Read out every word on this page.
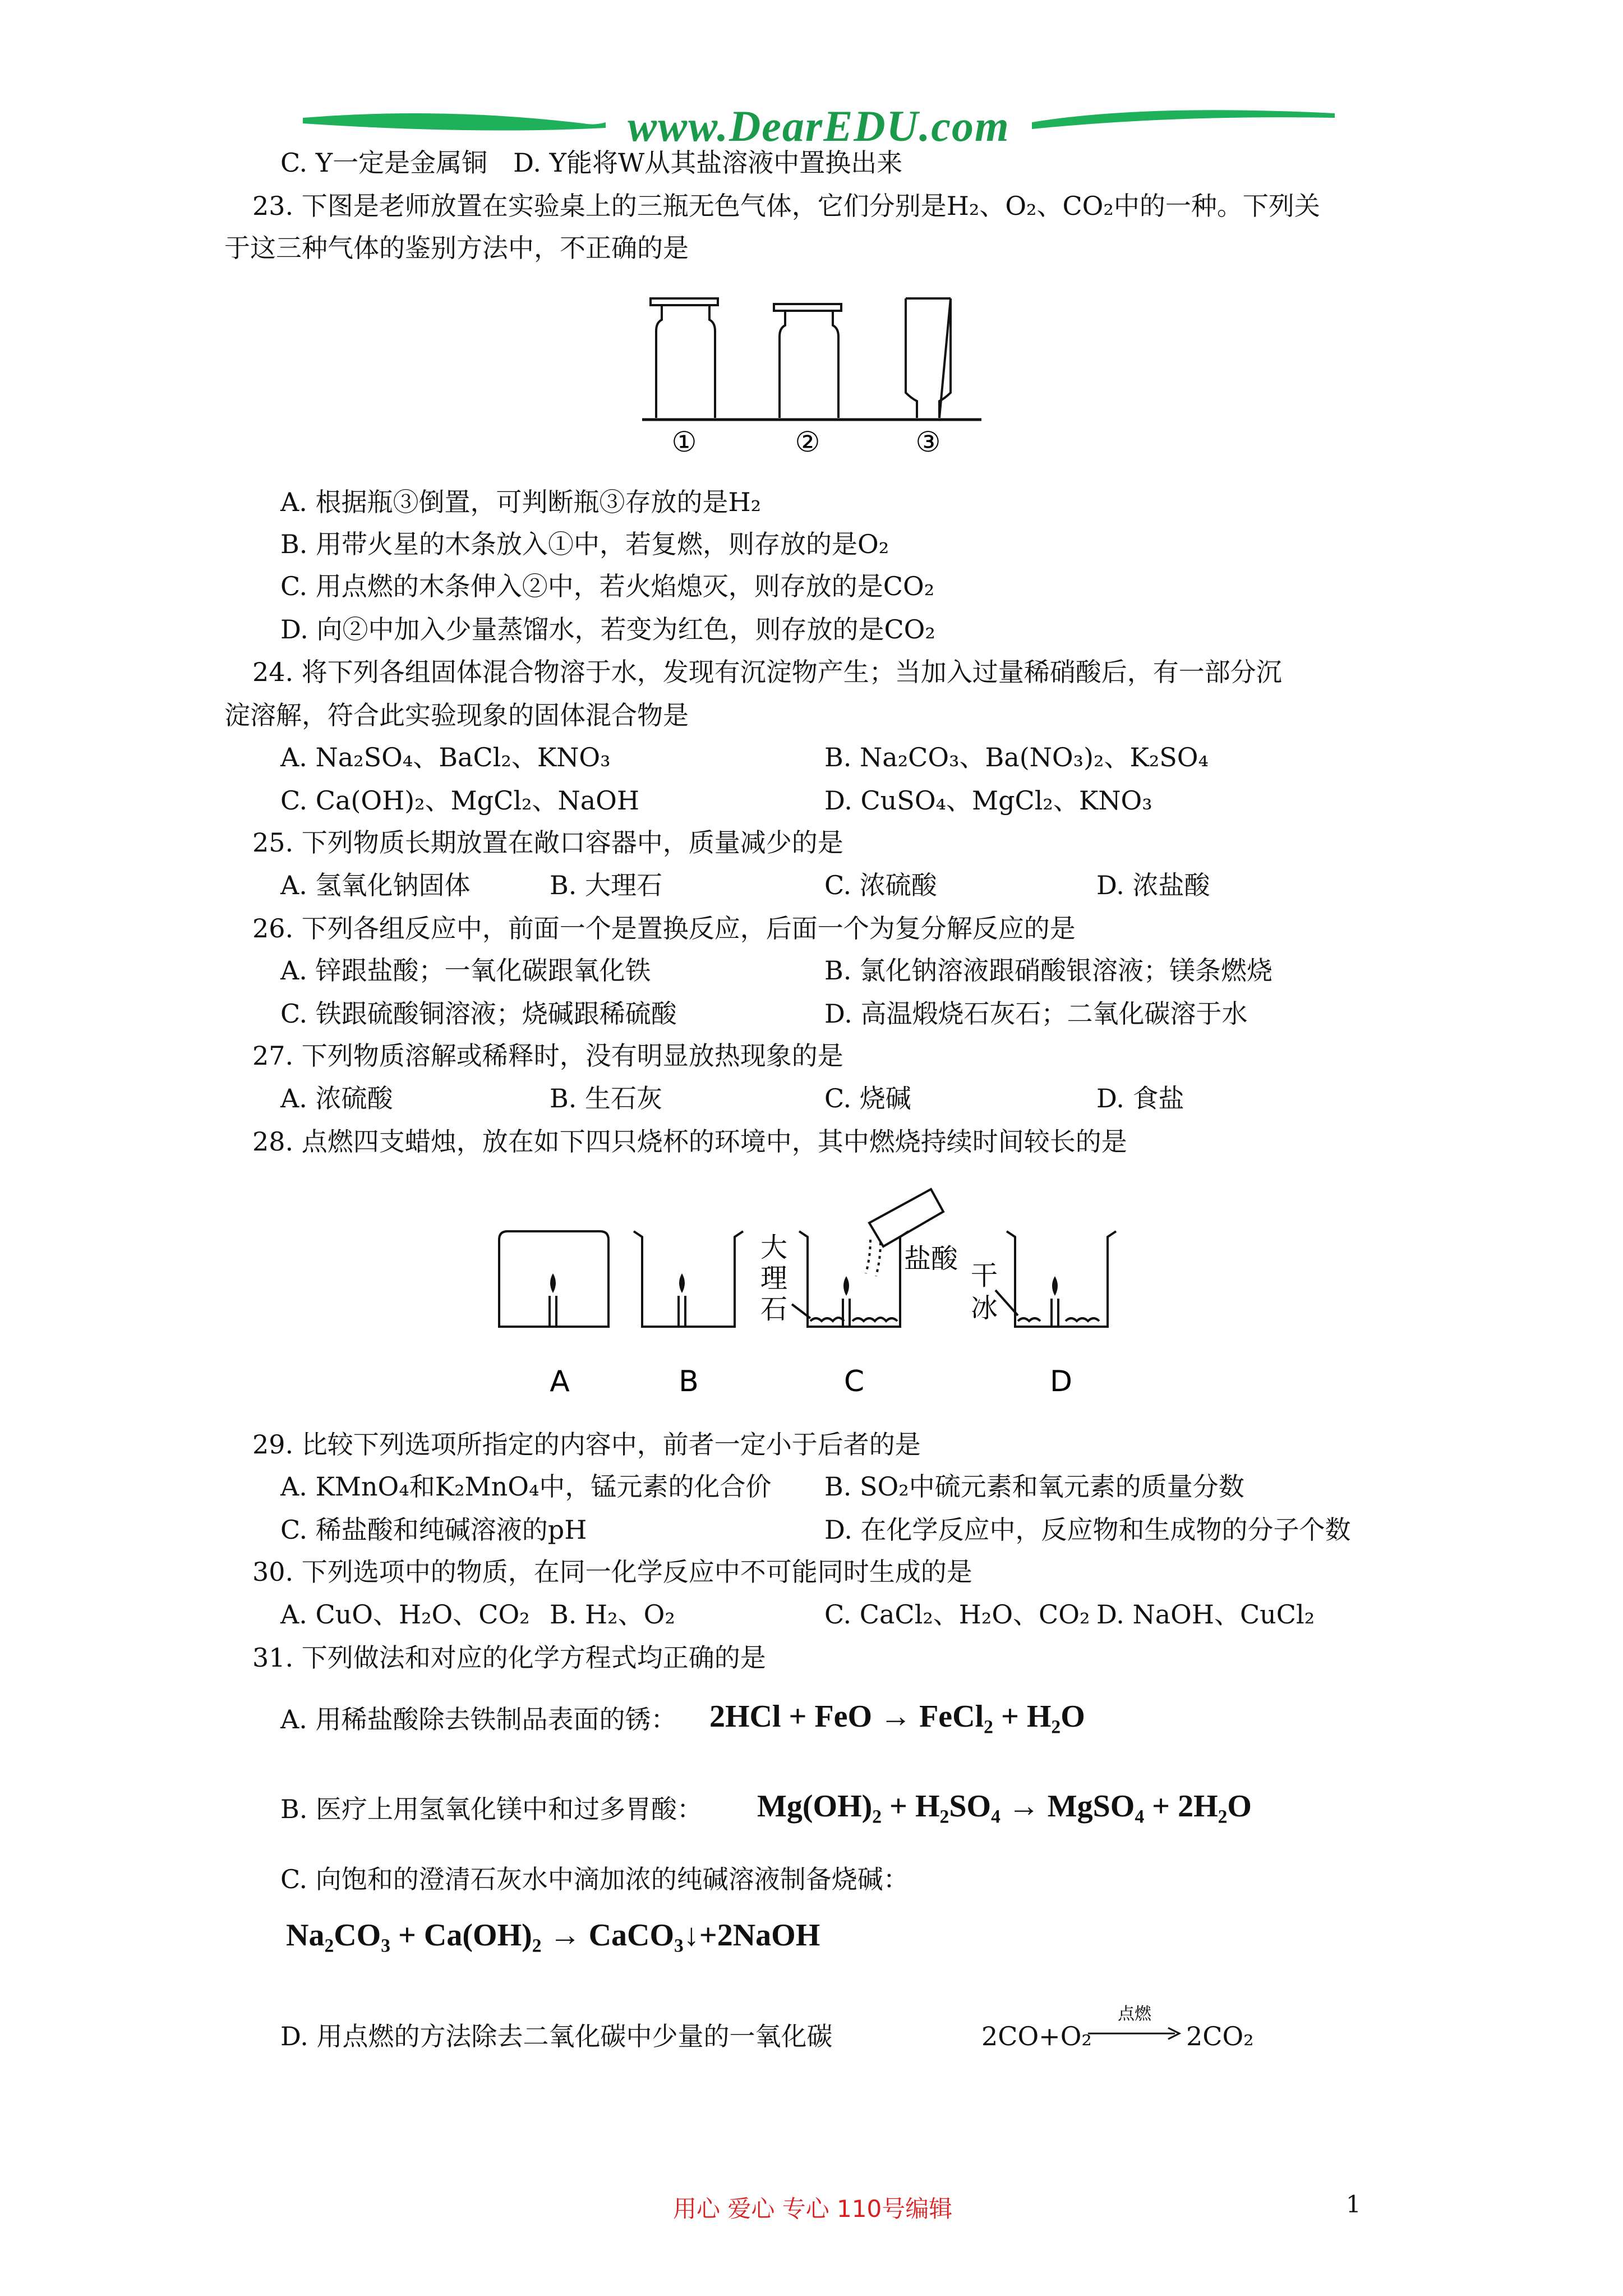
www.DearEDU.com
C. Y一定是金属铜　D. Y能将W从其盐溶液中置换出来
23. 下图是老师放置在实验桌上的三瓶无色气体，它们分别是H₂、O₂、CO₂中的一种。下列关
于这三种气体的鉴别方法中，不正确的是
①	②	③
A. 根据瓶③倒置，可判断瓶③存放的是H₂
B. 用带火星的木条放入①中，若复燃，则存放的是O₂
C. 用点燃的木条伸入②中，若火焰熄灭，则存放的是CO₂
D. 向②中加入少量蒸馏水，若变为红色，则存放的是CO₂
24. 将下列各组固体混合物溶于水，发现有沉淀物产生；当加入过量稀硝酸后，有一部分沉
淀溶解，符合此实验现象的固体混合物是
A. Na₂SO₄、BaCl₂、KNO₃	B. Na₂CO₃、Ba(NO₃)₂、K₂SO₄
C. Ca(OH)₂、MgCl₂、NaOH	D. CuSO₄、MgCl₂、KNO₃
25. 下列物质长期放置在敞口容器中，质量减少的是
A. 氢氧化钠固体	B. 大理石	C. 浓硫酸	D. 浓盐酸
26. 下列各组反应中，前面一个是置换反应，后面一个为复分解反应的是
A. 锌跟盐酸；一氧化碳跟氧化铁	B. 氯化钠溶液跟硝酸银溶液；镁条燃烧
C. 铁跟硫酸铜溶液；烧碱跟稀硫酸	D. 高温煅烧石灰石；二氧化碳溶于水
27. 下列物质溶解或稀释时，没有明显放热现象的是
A. 浓硫酸	B. 生石灰	C. 烧碱	D. 食盐
28. 点燃四支蜡烛，放在如下四只烧杯的环境中，其中燃烧持续时间较长的是
大
理
石
盐酸
干
冰
A	B	C	D
29. 比较下列选项所指定的内容中，前者一定小于后者的是
A. KMnO₄和K₂MnO₄中，锰元素的化合价 B. SO₂中硫元素和氧元素的质量分数
C. 稀盐酸和纯碱溶液的pH	D. 在化学反应中，反应物和生成物的分子个数
30. 下列选项中的物质，在同一化学反应中不可能同时生成的是
A. CuO、H₂O、CO₂ B. H₂、O₂	C. CaCl₂、H₂O、CO₂ D. NaOH、CuCl₂
31. 下列做法和对应的化学方程式均正确的是
A. 用稀盐酸除去铁制品表面的锈： 2HCl + FeO → FeCl₂ + H₂O
B. 医疗上用氢氧化镁中和过多胃酸： Mg(OH)₂ + H₂SO₄ → MgSO₄ + 2H₂O
C. 向饱和的澄清石灰水中滴加浓的纯碱溶液制备烧碱：
Na₂CO₃ + Ca(OH)₂ → CaCO₃↓+2NaOH
D. 用点燃的方法除去二氧化碳中少量的一氧化碳	2CO+O₂
点燃
2CO₂
用心 爱心 专心 110号编辑	1
